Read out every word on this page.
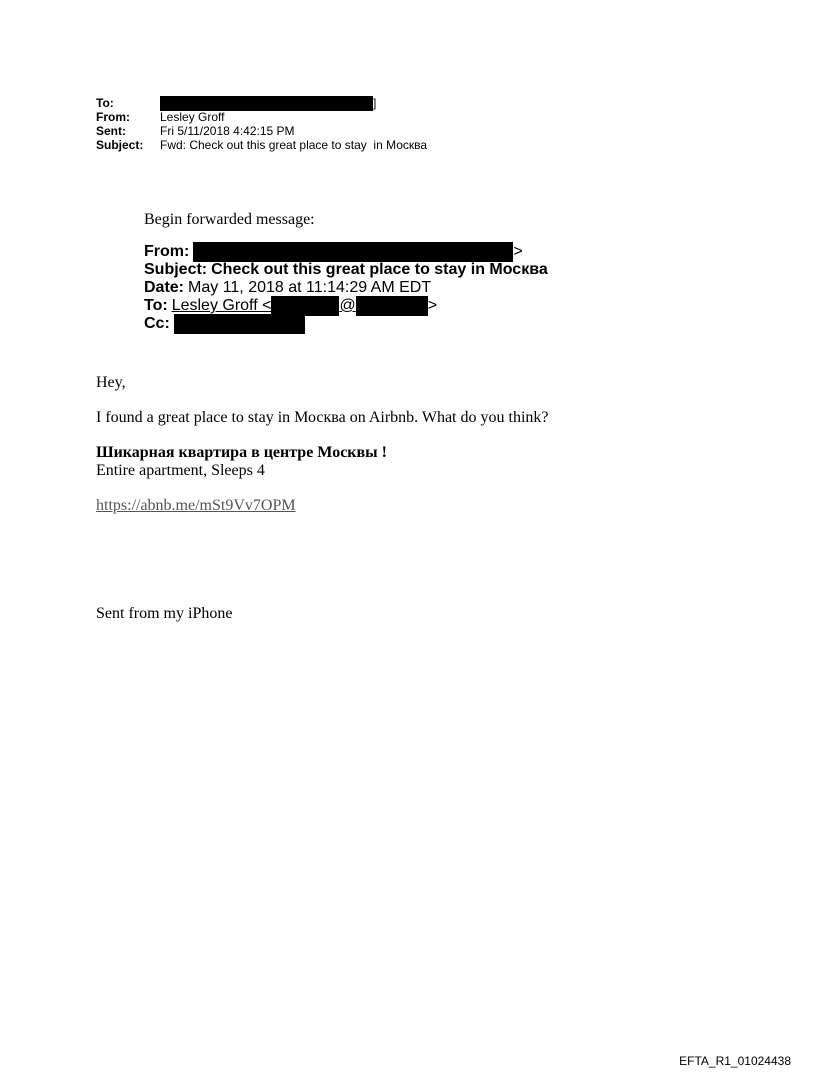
To:	]
From:	Lesley Groff
Sent:	Fri 5/11/2018 4:42:15 PM
Subject:	Fwd: Check out this great place to stay  in Москва
Begin forwarded message:
From:	>
Subject: Check out this great place to stay in Москва
Date: May 11, 2018 at 11:14:29 AM EDT
To: Lesley Groff <	@	>
Cc:
Hey,
I found a great place to stay in Москва on Airbnb. What do you think?
Шикарная квартира в центре Москвы !
Entire apartment, Sleeps 4
https://abnb.me/mSt9Vv7OPM
Sent from my iPhone
EFTA_R1_01024438
